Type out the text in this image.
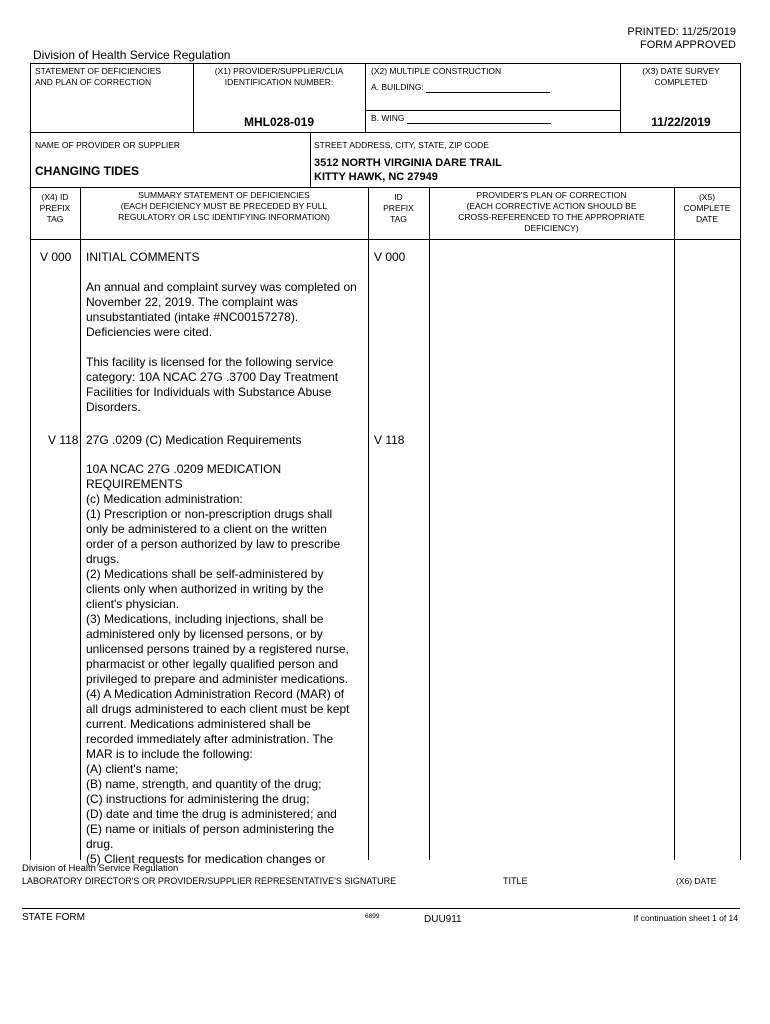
PRINTED: 11/25/2019
FORM APPROVED
Division of Health Service Regulation
STATEMENT OF DEFICIENCIES
AND PLAN OF CORRECTION
(X1) PROVIDER/SUPPLIER/CLIA
IDENTIFICATION NUMBER:
MHL028-019
(X2) MULTIPLE CONSTRUCTION
A. BUILDING:
B. WING
(X3) DATE SURVEY
COMPLETED
11/22/2019
NAME OF PROVIDER OR SUPPLIER
CHANGING TIDES
STREET ADDRESS, CITY, STATE, ZIP CODE
3512 NORTH VIRGINIA DARE TRAIL
KITTY HAWK, NC 27949
(X4) ID
PREFIX
TAG
SUMMARY STATEMENT OF DEFICIENCIES
(EACH DEFICIENCY MUST BE PRECEDED BY FULL
REGULATORY OR LSC IDENTIFYING INFORMATION)
ID
PREFIX
TAG
PROVIDER'S PLAN OF CORRECTION
(EACH CORRECTIVE ACTION SHOULD BE
CROSS-REFERENCED TO THE APPROPRIATE
DEFICIENCY)
(X5)
COMPLETE
DATE
V 000 INITIAL COMMENTS	V 000

An annual and complaint survey was completed on November 22, 2019. The complaint was unsubstantiated (intake #NC00157278). Deficiencies were cited.

This facility is licensed for the following service category: 10A NCAC 27G .3700 Day Treatment Facilities for Individuals with Substance Abuse Disorders.

V 118 27G .0209 (C) Medication Requirements	V 118
10A NCAC 27G .0209 MEDICATION
REQUIREMENTS
(c) Medication administration:
(1) Prescription or non-prescription drugs shall
only be administered to a client on the written
order of a person authorized by law to prescribe
drugs.
(2) Medications shall be self-administered by
clients only when authorized in writing by the
client's physician.
(3) Medications, including injections, shall be
administered only by licensed persons, or by
unlicensed persons trained by a registered nurse,
pharmacist or other legally qualified person and
privileged to prepare and administer medications.
(4) A Medication Administration Record (MAR) of
all drugs administered to each client must be kept
current. Medications administered shall be
recorded immediately after administration. The
MAR is to include the following:
(A) client's name;
(B) name, strength, and quantity of the drug;
(C) instructions for administering the drug;
(D) date and time the drug is administered; and
(E) name or initials of person administering the
drug.
(5) Client requests for medication changes or
Division of Health Service Regulation
LABORATORY DIRECTOR'S OR PROVIDER/SUPPLIER REPRESENTATIVE'S SIGNATURE	TITLE	(X6) DATE
STATE FORM	6899	DUU911	If continuation sheet 1 of 14
